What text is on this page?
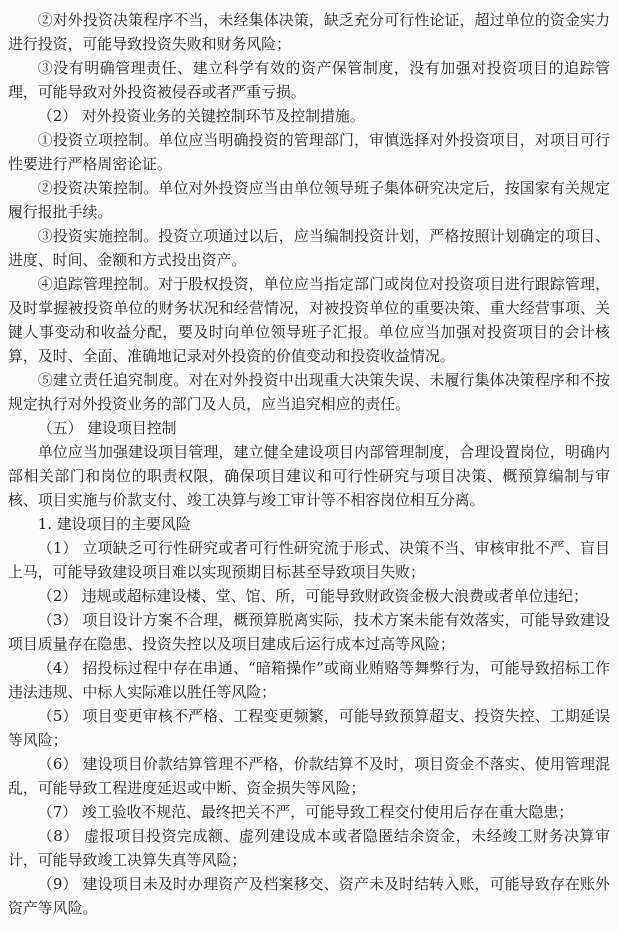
②对外投资决策程序不当，未经集体决策，缺乏充分可行性论证，超过单位的资金实力进行投资，可能导致投资失败和财务风险；

③没有明确管理责任、建立科学有效的资产保管制度，没有加强对投资项目的追踪管理，可能导致对外投资被侵吞或者严重亏损。

（2） 对外投资业务的关键控制环节及控制措施。

①投资立项控制。单位应当明确投资的管理部门，审慎选择对外投资项目，对项目可行性要进行严格周密论证。

②投资决策控制。单位对外投资应当由单位领导班子集体研究决定后，按国家有关规定履行报批手续。

③投资实施控制。投资立项通过以后，应当编制投资计划，严格按照计划确定的项目、进度、时间、金额和方式投出资产。

④追踪管理控制。对于股权投资，单位应当指定部门或岗位对投资项目进行跟踪管理，及时掌握被投资单位的财务状况和经营情况，对被投资单位的重要决策、重大经营事项、关键人事变动和收益分配，要及时向单位领导班子汇报。单位应当加强对投资项目的会计核算，及时、全面、准确地记录对外投资的价值变动和投资收益情况。

⑤建立责任追究制度。对在对外投资中出现重大决策失误、未履行集体决策程序和不按规定执行对外投资业务的部门及人员，应当追究相应的责任。

（五） 建设项目控制

单位应当加强建设项目管理，建立健全建设项目内部管理制度，合理设置岗位，明确内部相关部门和岗位的职责权限，确保项目建议和可行性研究与项目决策、概预算编制与审核、项目实施与价款支付、竣工决算与竣工审计等不相容岗位相互分离。

1. 建设项目的主要风险

（1） 立项缺乏可行性研究或者可行性研究流于形式、决策不当、审核审批不严、盲目上马，可能导致建设项目难以实现预期目标甚至导致项目失败；

（2） 违规或超标建设楼、堂、馆、所，可能导致财政资金极大浪费或者单位违纪；

（3） 项目设计方案不合理，概预算脱离实际，技术方案未能有效落实，可能导致建设项目质量存在隐患、投资失控以及项目建成后运行成本过高等风险；

（4） 招投标过程中存在串通、“暗箱操作”或商业贿赂等舞弊行为，可能导致招标工作违法违规、中标人实际难以胜任等风险；

（5） 项目变更审核不严格、工程变更频繁，可能导致预算超支、投资失控、工期延误等风险；

（6） 建设项目价款结算管理不严格，价款结算不及时，项目资金不落实、使用管理混乱，可能导致工程进度延迟或中断、资金损失等风险；

（7） 竣工验收不规范、最终把关不严，可能导致工程交付使用后存在重大隐患；

（8） 虚报项目投资完成额、虚列建设成本或者隐匿结余资金，未经竣工财务决算审计，可能导致竣工决算失真等风险；

（9） 建设项目未及时办理资产及档案移交、资产未及时结转入账，可能导致存在账外资产等风险。
